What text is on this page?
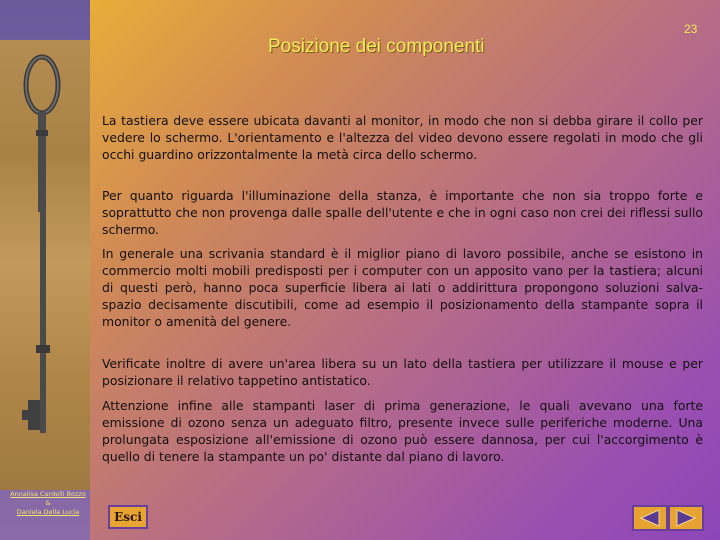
Annalisa Cardelli Bozzo
&
Daniela Della Lucia
Posizione dei componenti
23

La tastiera deve essere ubicata davanti al monitor, in modo che non si debba girare il collo per vedere lo schermo. L'orientamento e l'altezza del video devono essere regolati in modo che gli occhi guardino orizzontalmente la metà circa dello schermo.

Per quanto riguarda l'illuminazione della stanza, è importante che non sia troppo forte e soprattutto che non provenga dalle spalle dell'utente e che in ogni caso non crei dei riflessi sullo schermo.

In generale una scrivania standard è il miglior piano di lavoro possibile, anche se esistono in commercio molti mobili predisposti per i computer con un apposito vano per la tastiera; alcuni di questi però, hanno poca superficie libera ai lati o addirittura propongono soluzioni salva-spazio decisamente discutibili, come ad esempio il posizionamento della stampante sopra il monitor o amenità del genere.

Verificate inoltre di avere un'area libera su un lato della tastiera per utilizzare il mouse e per posizionare il relativo tappetino antistatico.

Attenzione infine alle stampanti laser di prima generazione, le quali avevano una forte emissione di ozono senza un adeguato filtro, presente invece sulle periferiche moderne. Una prolungata esposizione all'emissione di ozono può essere dannosa, per cui l'accorgimento è quello di tenere la stampante un po' distante dal piano di lavoro.

Esci
